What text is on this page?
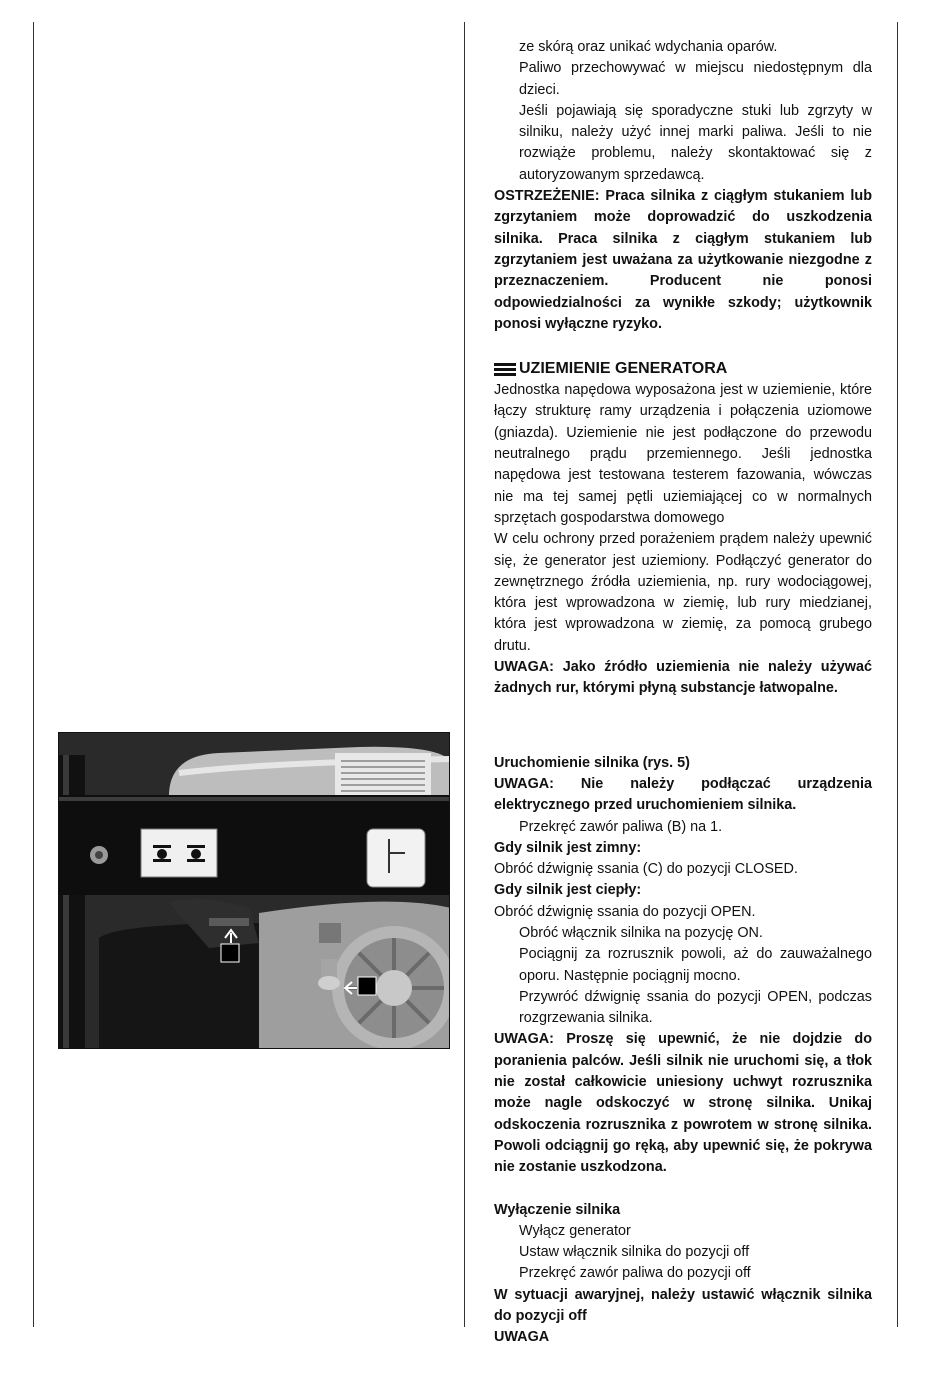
ze skórą oraz unikać wdychania oparów.

Paliwo przechowywać w miejscu niedostępnym dla dzieci.

Jeśli pojawiają się sporadyczne stuki lub zgrzyty w silniku, należy użyć innej marki paliwa. Jeśli to nie rozwiąże problemu, należy skontaktować się z autoryzowanym sprzedawcą.

OSTRZEŻENIE: Praca silnika z ciągłym stukaniem lub zgrzytaniem może doprowadzić do uszkodzenia silnika. Praca silnika z ciągłym stukaniem lub zgrzytaniem jest uważana za użytkowanie niezgodne z przeznaczeniem. Producent nie ponosi odpowiedzialności za wynikłe szkody; użytkownik ponosi wyłączne ryzyko.

UZIEMIENIE GENERATORA

Jednostka napędowa wyposażona jest w uziemienie, które łączy strukturę ramy urządzenia i połączenia uziomowe (gniazda). Uziemienie nie jest podłączone do przewodu neutralnego prądu przemiennego. Jeśli jednostka napędowa jest testowana testerem fazowania, wówczas nie ma tej samej pętli uziemiającej co w normalnych sprzętach gospodarstwa domowego

W celu ochrony przed porażeniem prądem należy upewnić się, że generator jest uziemiony. Podłączyć generator do zewnętrznego źródła uziemienia, np. rury wodociągowej, która jest wprowadzona w ziemię, lub rury miedzianej, która jest wprowadzona w ziemię, za pomocą grubego drutu.

UWAGA: Jako źródło uziemienia nie należy używać żadnych rur, którymi płyną substancje łatwopalne.

Uruchomienie silnika (rys. 5)

UWAGA: Nie należy podłączać urządzenia elektrycznego przed uruchomieniem silnika.

Przekręć zawór paliwa (B) na 1.

Gdy silnik jest zimny:

Obróć dźwignię ssania (C) do pozycji CLOSED.

Gdy silnik jest ciepły:

Obróć dźwignię ssania do pozycji OPEN.

Obróć włącznik silnika na pozycję ON.

Pociągnij za rozrusznik powoli, aż do zauważalnego oporu. Następnie pociągnij mocno.

Przywróć dźwignię ssania do pozycji OPEN, podczas rozgrzewania silnika.

UWAGA: Proszę się upewnić, że nie dojdzie do poranienia palców. Jeśli silnik nie uruchomi się, a tłok nie został całkowicie uniesiony uchwyt rozrusznika może nagle odskoczyć w stronę silnika. Unikaj odskoczenia rozrusznika z powrotem w stronę silnika. Powoli odciągnij go ręką, aby upewnić się, że pokrywa nie zostanie uszkodzona.

Wyłączenie silnika

Wyłącz generator

Ustaw włącznik silnika do pozycji off

Przekręć zawór paliwa do pozycji off

W sytuacji awaryjnej, należy ustawić włącznik silnika do pozycji off

UWAGA
